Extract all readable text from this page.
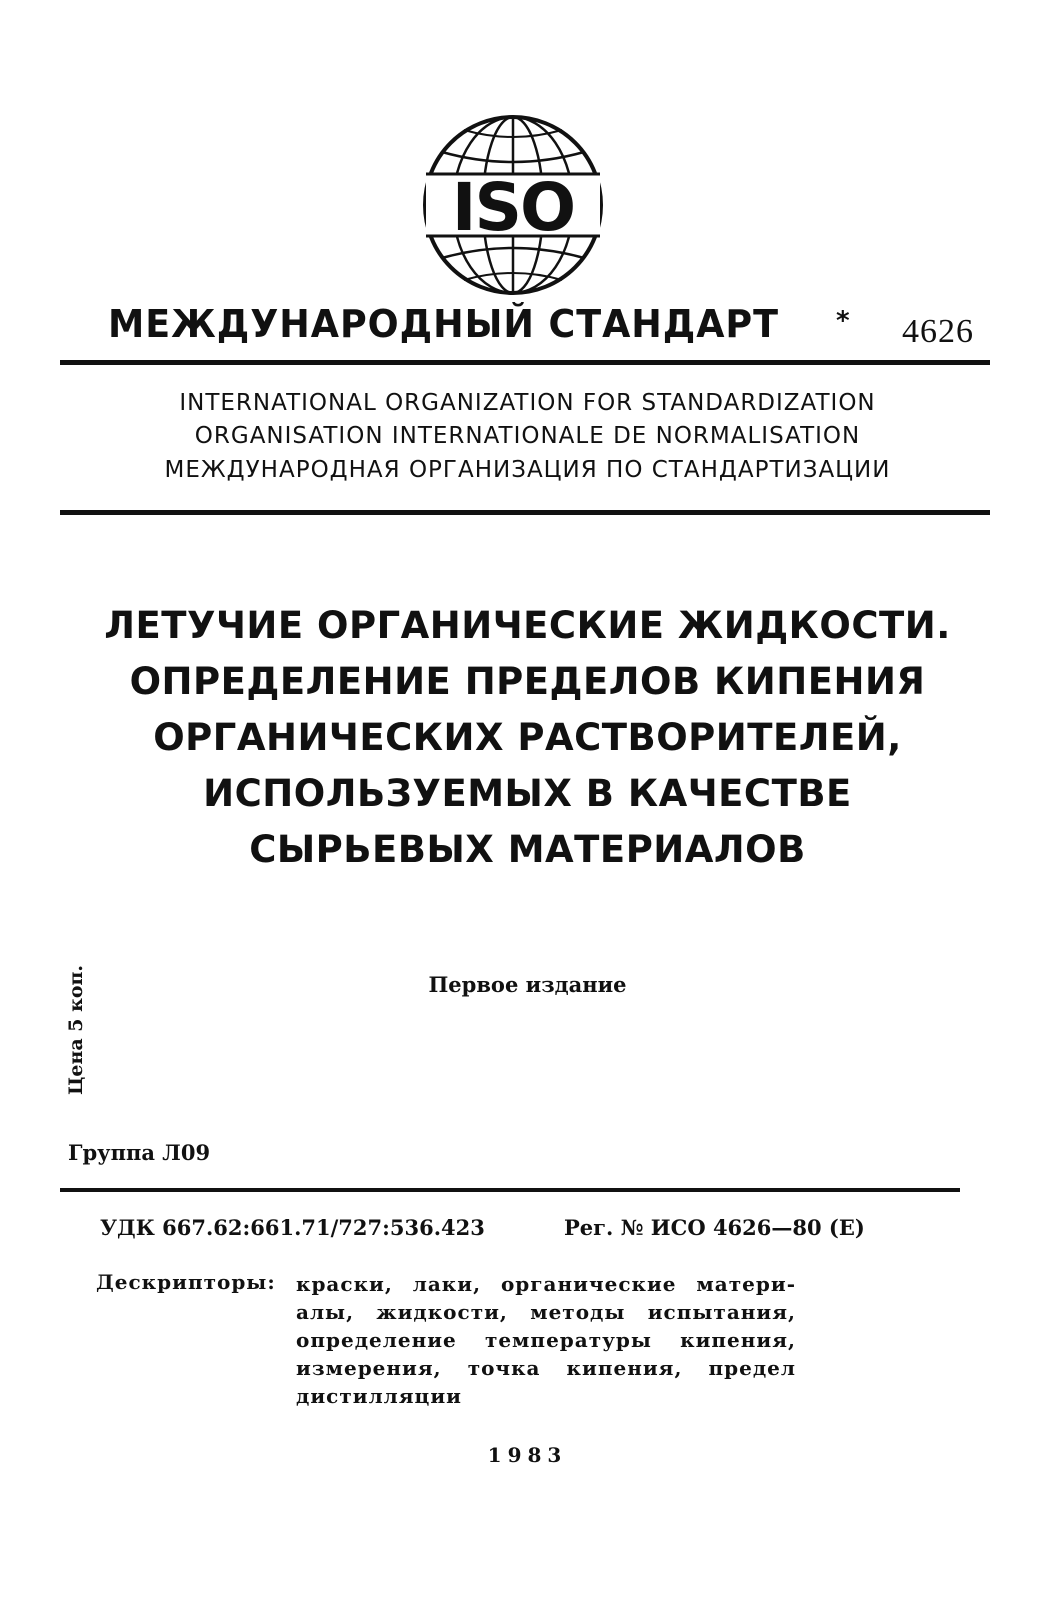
ISO
МЕЖДУНАРОДНЫЙ СТАНДАРТ * 4626
INTERNATIONAL ORGANIZATION FOR STANDARDIZATION
ORGANISATION INTERNATIONALE DE NORMALISATION
МЕЖДУНАРОДНАЯ ОРГАНИЗАЦИЯ ПО СТАНДАРТИЗАЦИИ
ЛЕТУЧИЕ ОРГАНИЧЕСКИЕ ЖИДКОСТИ.
ОПРЕДЕЛЕНИЕ ПРЕДЕЛОВ КИПЕНИЯ
ОРГАНИЧЕСКИХ РАСТВОРИТЕЛЕЙ,
ИСПОЛЬЗУЕМЫХ В КАЧЕСТВЕ
СЫРЬЕВЫХ МАТЕРИАЛОВ
Первое издание
Цена 5 коп.
Группа Л09
УДК 667.62:661.71/727:536.423	Рег. № ИСО 4626—80 (Е)
Дескрипторы: краски, лаки, органические матери-
алы, жидкости, методы испытания,
определение температуры кипения,
измерения, точка кипения, предел
дистилляции
1983
